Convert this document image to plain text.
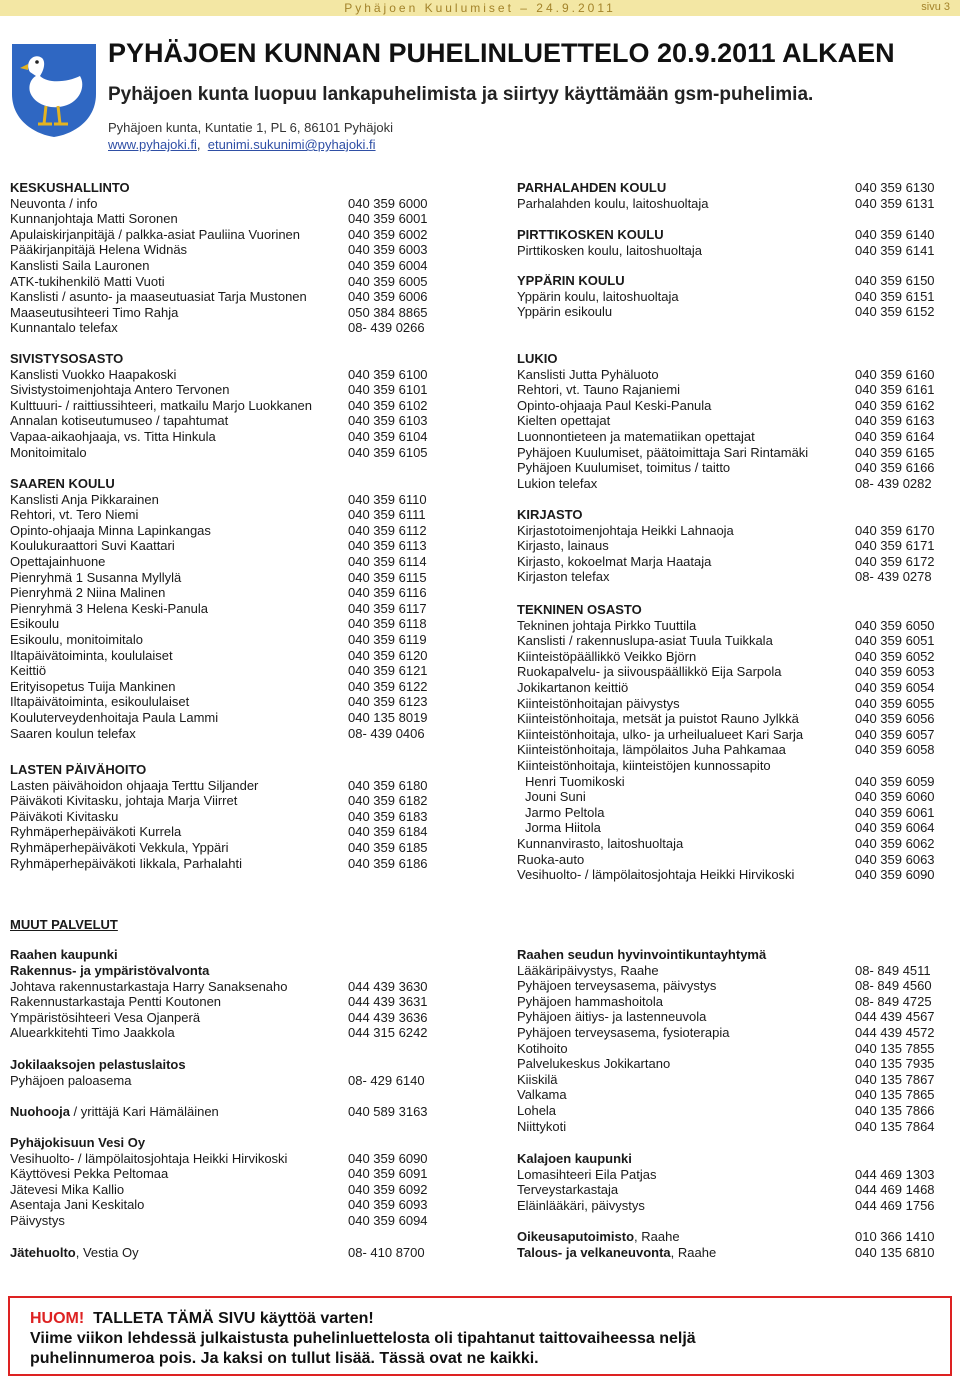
Pyhäjoen Kuulumiset – 24.9.2011	sivu 3
PYHÄJOEN KUNNAN PUHELINLUETTELO 20.9.2011 ALKAEN
Pyhäjoen kunta luopuu lankapuhelimista ja siirtyy käyttämään gsm-puhelimia.
Pyhäjoen kunta, Kuntatie 1, PL 6, 86101 Pyhäjoki
www.pyhajoki.fi, etunimi.sukunimi@pyhajoki.fi
KESKUSHALLINTO
Neuvonta / info	040 359 6000
Kunnanjohtaja Matti Soronen	040 359 6001
Apulaiskirjanpitäjä / palkka-asiat Pauliina Vuorinen	040 359 6002
Pääkirjanpitäjä Helena Widnäs	040 359 6003
Kanslisti Saila Lauronen	040 359 6004
ATK-tukihenkilö Matti Vuoti	040 359 6005
Kanslisti / asunto- ja maaseutuasiat Tarja Mustonen	040 359 6006
Maaseutusihteeri Timo Rahja	050 384 8865
Kunnantalo telefax	08- 439 0266
SIVISTYSOSASTO
Kanslisti Vuokko Haapakoski	040 359 6100
Sivistystoimenjohtaja Antero Tervonen	040 359 6101
Kulttuuri- / raittiussihteeri, matkailu Marjo Luokkanen	040 359 6102
Annalan kotiseutumuseo / tapahtumat	040 359 6103
Vapaa-aikaohjaaja, vs. Titta Hinkula	040 359 6104
Monitoimitalo	040 359 6105
SAAREN KOULU
Kanslisti Anja Pikkarainen	040 359 6110
Rehtori, vt. Tero Niemi	040 359 6111
Opinto-ohjaaja Minna Lapinkangas	040 359 6112
Koulukuraattori Suvi Kaattari	040 359 6113
Opettajainhuone	040 359 6114
Pienryhmä 1 Susanna Myllylä	040 359 6115
Pienryhmä 2 Niina Malinen	040 359 6116
Pienryhmä 3 Helena Keski-Panula	040 359 6117
Esikoulu	040 359 6118
Esikoulu, monitoimitalo	040 359 6119
Iltapäivätoiminta, koululaiset	040 359 6120
Keittiö	040 359 6121
Erityisopetus Tuija Mankinen	040 359 6122
Iltapäivätoiminta, esikoululaiset	040 359 6123
Kouluterveydenhoitaja Paula Lammi	040 135 8019
Saaren koulun telefax	08- 439 0406
LASTEN PÄIVÄHOITO
Lasten päivähoidon ohjaaja Terttu Siljander	040 359 6180
Päiväkoti Kivitasku, johtaja Marja Viirret	040 359 6182
Päiväkoti Kivitasku	040 359 6183
Ryhmäperhepäiväkoti Kurrela	040 359 6184
Ryhmäperhepäiväkoti Vekkula, Yppäri	040 359 6185
Ryhmäperhepäiväkoti Iikkala, Parhalahti	040 359 6186
PARHALAHDEN KOULU	040 359 6130
Parhalahden koulu, laitoshuoltaja	040 359 6131
PIRTTIKOSKEN KOULU	040 359 6140
Pirttikosken koulu, laitoshuoltaja	040 359 6141
YPPÄRIN KOULU	040 359 6150
Yppärin koulu, laitoshuoltaja	040 359 6151
Yppärin esikoulu	040 359 6152
LUKIO
Kanslisti Jutta Pyhäluoto	040 359 6160
Rehtori, vt. Tauno Rajaniemi	040 359 6161
Opinto-ohjaaja Paul Keski-Panula	040 359 6162
Kielten opettajat	040 359 6163
Luonnontieteen ja matematiikan opettajat	040 359 6164
Pyhäjoen Kuulumiset, päätoimittaja Sari Rintamäki	040 359 6165
Pyhäjoen Kuulumiset, toimitus / taitto	040 359 6166
Lukion telefax	08- 439 0282
KIRJASTO
Kirjastotoimenjohtaja Heikki Lahnaoja	040 359 6170
Kirjasto, lainaus	040 359 6171
Kirjasto, kokoelmat Marja Haataja	040 359 6172
Kirjaston telefax	08- 439 0278
TEKNINEN OSASTO
Tekninen johtaja Pirkko Tuuttila	040 359 6050
Kanslisti / rakennuslupa-asiat Tuula Tuikkala	040 359 6051
Kiinteistöpäällikkö Veikko Björn	040 359 6052
Ruokapalvelu- ja siivouspäällikkö Eija Sarpola	040 359 6053
Jokikartanon keittiö	040 359 6054
Kiinteistönhoitajan päivystys	040 359 6055
Kiinteistönhoitaja, metsät ja puistot Rauno Jylkkä	040 359 6056
Kiinteistönhoitaja, ulko- ja urheilualueet Kari Sarja	040 359 6057
Kiinteistönhoitaja, lämpölaitos Juha Pahkamaa	040 359 6058
Kiinteistönhoitaja, kiinteistöjen kunnossapito
Henri Tuomikoski	040 359 6059
Jouni Suni	040 359 6060
Jarmo Peltola	040 359 6061
Jorma Hiitola	040 359 6064
Kunnanvirasto, laitoshuoltaja	040 359 6062
Ruoka-auto	040 359 6063
Vesihuolto- / lämpölaitosjohtaja Heikki Hirvikoski	040 359 6090
Raahen kaupunki
Rakennus- ja ympäristövalvonta
Johtava rakennustarkastaja Harry Sanaksenaho	044 439 3630
Rakennustarkastaja Pentti Koutonen	044 439 3631
Ympäristösihteeri Vesa Ojanperä	044 439 3636
Aluearkkitehti Timo Jaakkola	044 315 6242
Jokilaaksojen pelastuslaitos
Pyhäjoen paloasema	08- 429 6140
Nuohooja / yrittäjä Kari Hämäläinen	040 589 3163
Pyhäjokisuun Vesi Oy
Vesihuolto- / lämpölaitosjohtaja Heikki Hirvikoski	040 359 6090
Käyttövesi Pekka Peltomaa	040 359 6091
Jätevesi Mika Kallio	040 359 6092
Asentaja Jani Keskitalo	040 359 6093
Päivystys	040 359 6094
Jätehuolto, Vestia Oy	08- 410 8700
Raahen seudun hyvinvointikuntayhtymä
Lääkäripäivystys, Raahe	08- 849 4511
Pyhäjoen terveysasema, päivystys	08- 849 4560
Pyhäjoen hammashoitola	08- 849 4725
Pyhäjoen äitiys- ja lastenneuvola	044 439 4567
Pyhäjoen terveysasema, fysioterapia	044 439 4572
Kotihoito	040 135 7855
Palvelukeskus Jokikartano	040 135 7935
Kiiskilä	040 135 7867
Valkama	040 135 7865
Lohela	040 135 7866
Niittykoti	040 135 7864
Kalajoen kaupunki
Lomasihteeri Eila Patjas	044 469 1303
Terveystarkastaja	044 469 1468
Eläinlääkäri, päivystys	044 469 1756
Oikeusaputoimisto, Raahe	010 366 1410
Talous- ja velkaneuvonta, Raahe	040 135 6810
HUOM! TALLETA TÄMÄ SIVU käyttöä varten!
Viime viikon lehdessä julkaistusta puhelinluettelosta oli tipahtanut taittovaiheessa neljä
puhelinnumeroa pois. Ja kaksi on tullut lisää. Tässä ovat ne kaikki.
MUUT PALVELUT
